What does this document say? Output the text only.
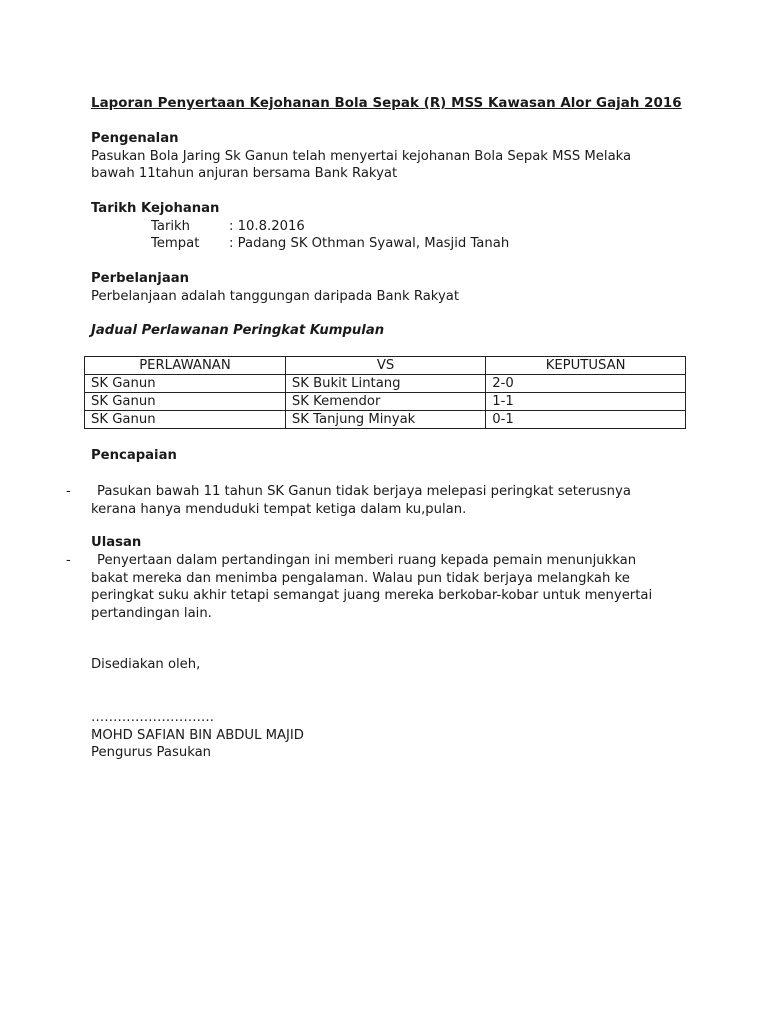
Laporan Penyertaan Kejohanan Bola Sepak (R) MSS Kawasan Alor Gajah 2016
Pengenalan
Pasukan Bola Jaring Sk Ganun telah menyertai kejohanan Bola Sepak MSS Melaka
bawah 11tahun anjuran bersama Bank Rakyat
Tarikh Kejohanan
Tarikh	: 10.8.2016
Tempat	: Padang SK Othman Syawal, Masjid Tanah
Perbelanjaan
Perbelanjaan adalah tanggungan daripada Bank Rakyat
Jadual Perlawanan Peringkat Kumpulan
PERLAWANAN	VS	KEPUTUSAN
SK Ganun	SK Bukit Lintang	2-0
SK Ganun	SK Kemendor	1-1
SK Ganun	SK Tanjung Minyak	0-1
Pencapaian
-	Pasukan bawah 11 tahun SK Ganun tidak berjaya melepasi peringkat seterusnya
kerana hanya menduduki tempat ketiga dalam ku,pulan.
Ulasan
-	Penyertaan dalam pertandingan ini memberi ruang kepada pemain menunjukkan
bakat mereka dan menimba pengalaman. Walau pun tidak berjaya melangkah ke
peringkat suku akhir tetapi semangat juang mereka berkobar-kobar untuk menyertai
pertandingan lain.
Disediakan oleh,
……………………….
MOHD SAFIAN BIN ABDUL MAJID
Pengurus Pasukan
